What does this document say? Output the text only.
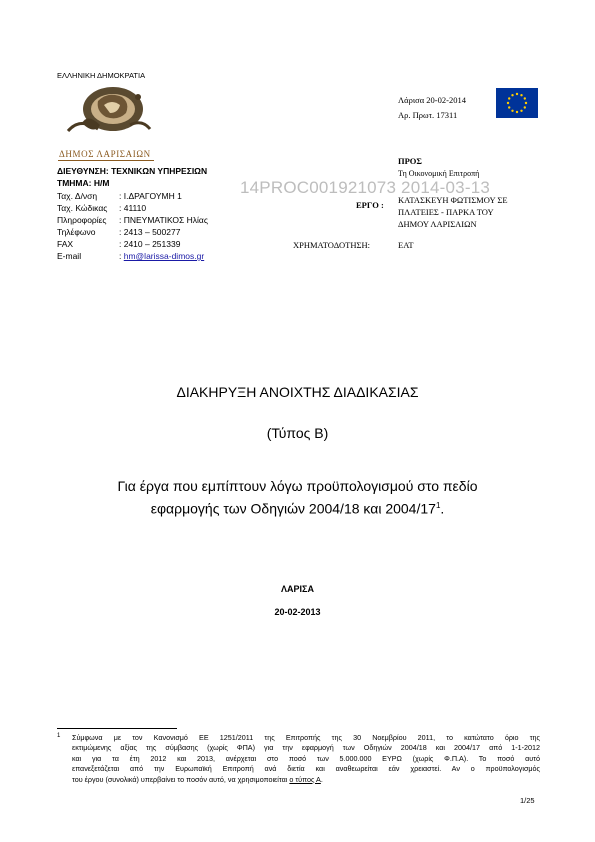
ΕΛΛΗΝΙΚΗ ΔΗΜΟΚΡΑΤΙΑ
ΔΗΜΟΣ ΛΑΡΙΣΑΙΩΝ
ΔΙΕΥΘΥΝΣΗ: ΤΕΧΝΙΚΩΝ ΥΠΗΡΕΣΙΩΝ
ΤΜΗΜΑ: Η/Μ
Ταχ. Δ/νση	: Ι.ΔΡΑΓΟΥΜΗ 1
Ταχ. Κώδικας : 41110
Πληροφορίες : ΠΝΕΥΜΑΤΙΚΟΣ Ηλίας
Τηλέφωνο	: 2413 – 500277
FAX	: 2410 – 251339
E-mail	: hm@larissa-dimos.gr
Λάρισα 20-02-2014
Αρ. Πρωτ. 17311
ΠΡΟΣ
Τη Οικονομική Επιτροπή
14PROC001921073 2014-03-13
ΕΡΓΟ : ΚΑΤΑΣΚΕΥΗ ΦΩΤΙΣΜΟΥ ΣΕ
ΠΛΑΤΕΙΕΣ - ΠΑΡΚΑ ΤΟΥ
ΔΗΜΟΥ ΛΑΡΙΣΑΙΩΝ
ΧΡΗΜΑΤΟΔΟΤΗΣΗ:	ΕΑΤ
ΔΙΑΚΗΡΥΞΗ ΑΝΟΙΧΤΗΣ ΔΙΑΔΙΚΑΣΙΑΣ
(Τύπος Β)
Για έργα που εμπίπτουν λόγω προϋπολογισμού στο πεδίο
εφαρμογής των Οδηγιών 2004/18 και $2004/17^1$.
ΛΑΡΙΣΑ
20-02-2013
1 Σύμφωνα με τον Κανονισμό ΕΕ 1251/2011 της Επιτροπής της 30 Νοεμβρίου 2011, το κατώτατο όριο της
εκτιμώμενης αξίας της σύμβασης (χωρίς ΦΠΑ) για την εφαρμογή των Οδηγιών 2004/18 και 2004/17 από 1-1-2012
και για τα έτη 2012 και 2013, ανέρχεται στο ποσό των 5.000.000 ΕΥΡΩ (χωρίς Φ.Π.Α). Το ποσό αυτό
επανεξετάζεται από την Ευρωπαϊκή Επιτροπή ανά διετία και αναθεωρείται εάν χρειαστεί. Αν ο προϋπολογισμός
του έργου (συνολικά) υπερβαίνει το ποσόν αυτό, να χρησιμοποιείται ο τύπος Α.
1/25
